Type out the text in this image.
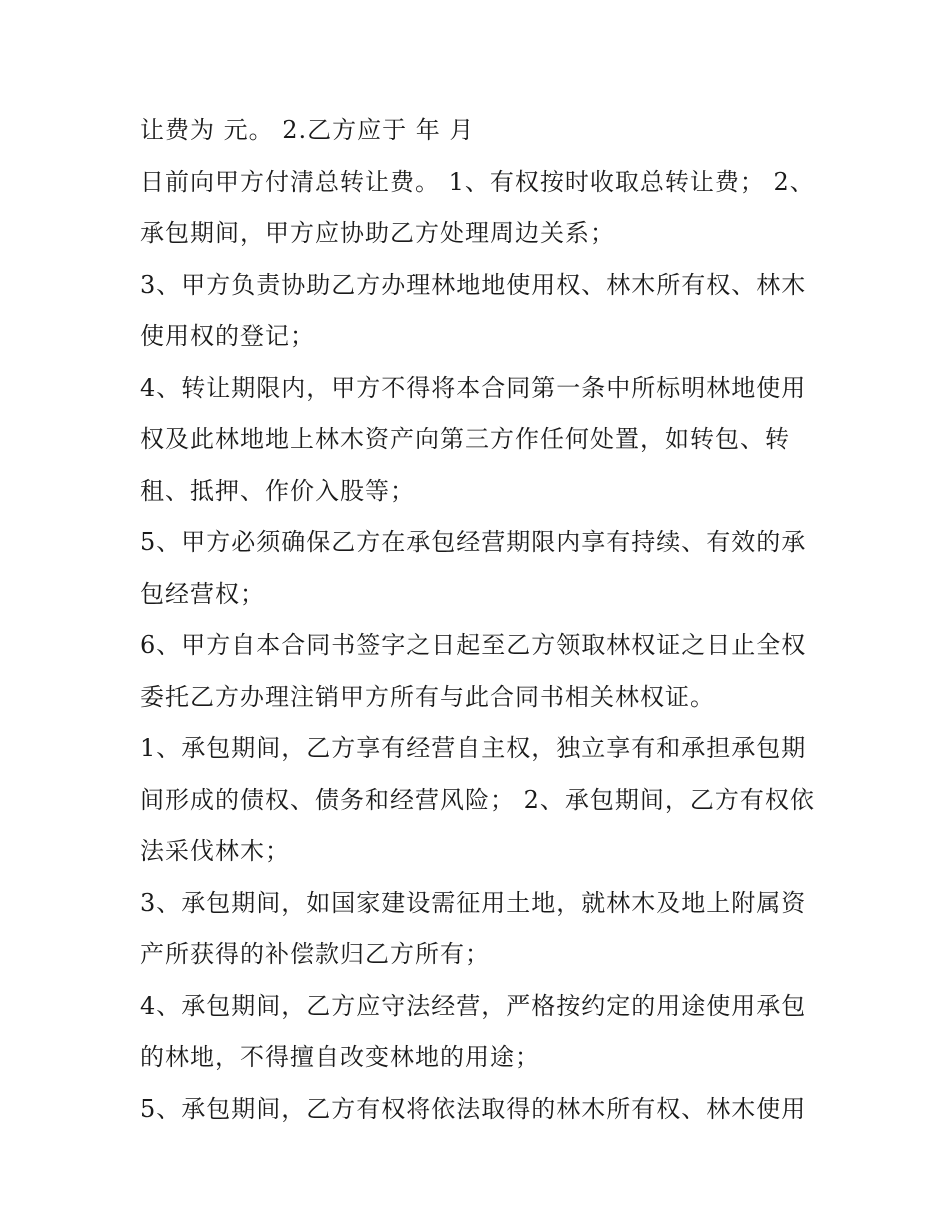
让费为 元。 2.乙方应于 年 月
日前向甲方付清总转让费。 1、有权按时收取总转让费； 2、
承包期间，甲方应协助乙方处理周边关系；
3、甲方负责协助乙方办理林地地使用权、林木所有权、林木
使用权的登记；
4、转让期限内，甲方不得将本合同第一条中所标明林地使用
权及此林地地上林木资产向第三方作任何处置，如转包、转
租、抵押、作价入股等；
5、甲方必须确保乙方在承包经营期限内享有持续、有效的承
包经营权；
6、甲方自本合同书签字之日起至乙方领取林权证之日止全权
委托乙方办理注销甲方所有与此合同书相关林权证。
1、承包期间，乙方享有经营自主权，独立享有和承担承包期
间形成的债权、债务和经营风险； 2、承包期间，乙方有权依
法采伐林木；
3、承包期间，如国家建设需征用土地，就林木及地上附属资
产所获得的补偿款归乙方所有；
4、承包期间，乙方应守法经营，严格按约定的用途使用承包
的林地，不得擅自改变林地的用途；
5、承包期间，乙方有权将依法取得的林木所有权、林木使用
